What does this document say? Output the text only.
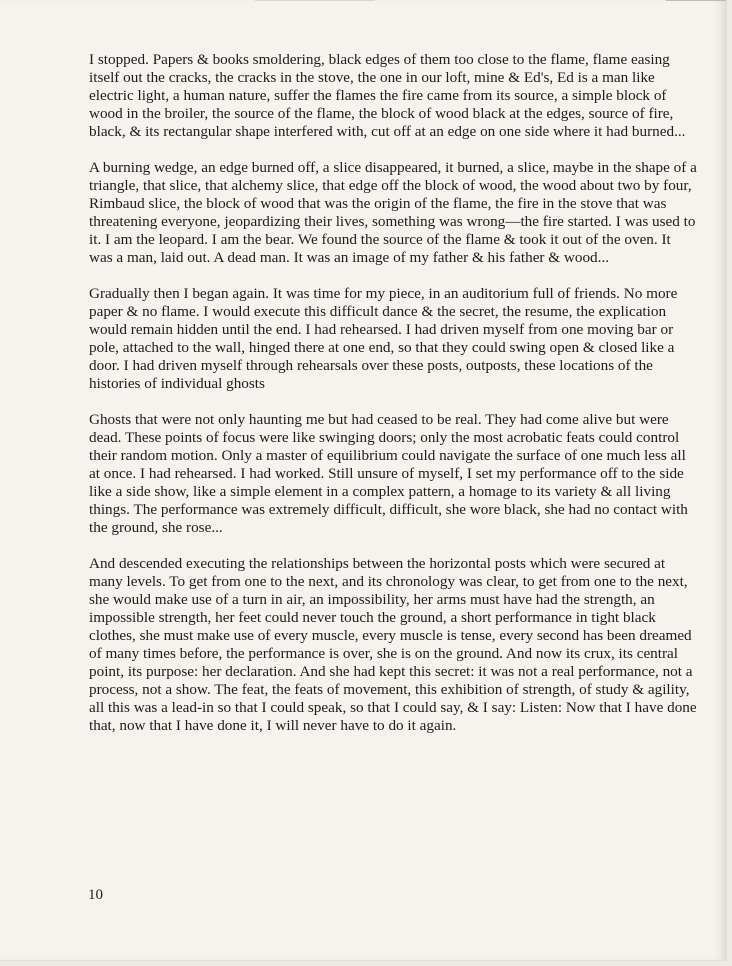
I stopped. Papers & books smoldering, black edges of them too close to the flame, flame easing itself out the cracks, the cracks in the stove, the one in our loft, mine & Ed's, Ed is a man like electric light, a human nature, suffer the flames the fire came from its source, a simple block of wood in the broiler, the source of the flame, the block of wood black at the edges, source of fire, black, & its rectangular shape interfered with, cut off at an edge on one side where it had burned...

A burning wedge, an edge burned off, a slice disappeared, it burned, a slice, maybe in the shape of a triangle, that slice, that alchemy slice, that edge off the block of wood, the wood about two by four, Rimbaud slice, the block of wood that was the origin of the flame, the fire in the stove that was threatening everyone, jeopardizing their lives, something was wrong—the fire started. I was used to it. I am the leopard. I am the bear. We found the source of the flame & took it out of the oven. It was a man, laid out. A dead man. It was an image of my father & his father & wood...

Gradually then I began again. It was time for my piece, in an auditorium full of friends. No more paper & no flame. I would execute this difficult dance & the secret, the resume, the explication would remain hidden until the end. I had rehearsed. I had driven myself from one moving bar or pole, attached to the wall, hinged there at one end, so that they could swing open & closed like a door. I had driven myself through rehearsals over these posts, outposts, these locations of the histories of individual ghosts

Ghosts that were not only haunting me but had ceased to be real. They had come alive but were dead. These points of focus were like swinging doors; only the most acrobatic feats could control their random motion. Only a master of equilibrium could navigate the surface of one much less all at once. I had rehearsed. I had worked. Still unsure of myself, I set my performance off to the side like a side show, like a simple element in a complex pattern, a homage to its variety & all living things. The performance was extremely difficult, difficult, she wore black, she had no contact with the ground, she rose...

And descended executing the relationships between the horizontal posts which were secured at many levels. To get from one to the next, and its chronology was clear, to get from one to the next, she would make use of a turn in air, an impossibility, her arms must have had the strength, an impossible strength, her feet could never touch the ground, a short performance in tight black clothes, she must make use of every muscle, every muscle is tense, every second has been dreamed of many times before, the performance is over, she is on the ground. And now its crux, its central point, its purpose: her declaration. And she had kept this secret: it was not a real performance, not a process, not a show. The feat, the feats of movement, this exhibition of strength, of study & agility, all this was a lead-in so that I could speak, so that I could say, & I say: Listen: Now that I have done that, now that I have done it, I will never have to do it again.

10
